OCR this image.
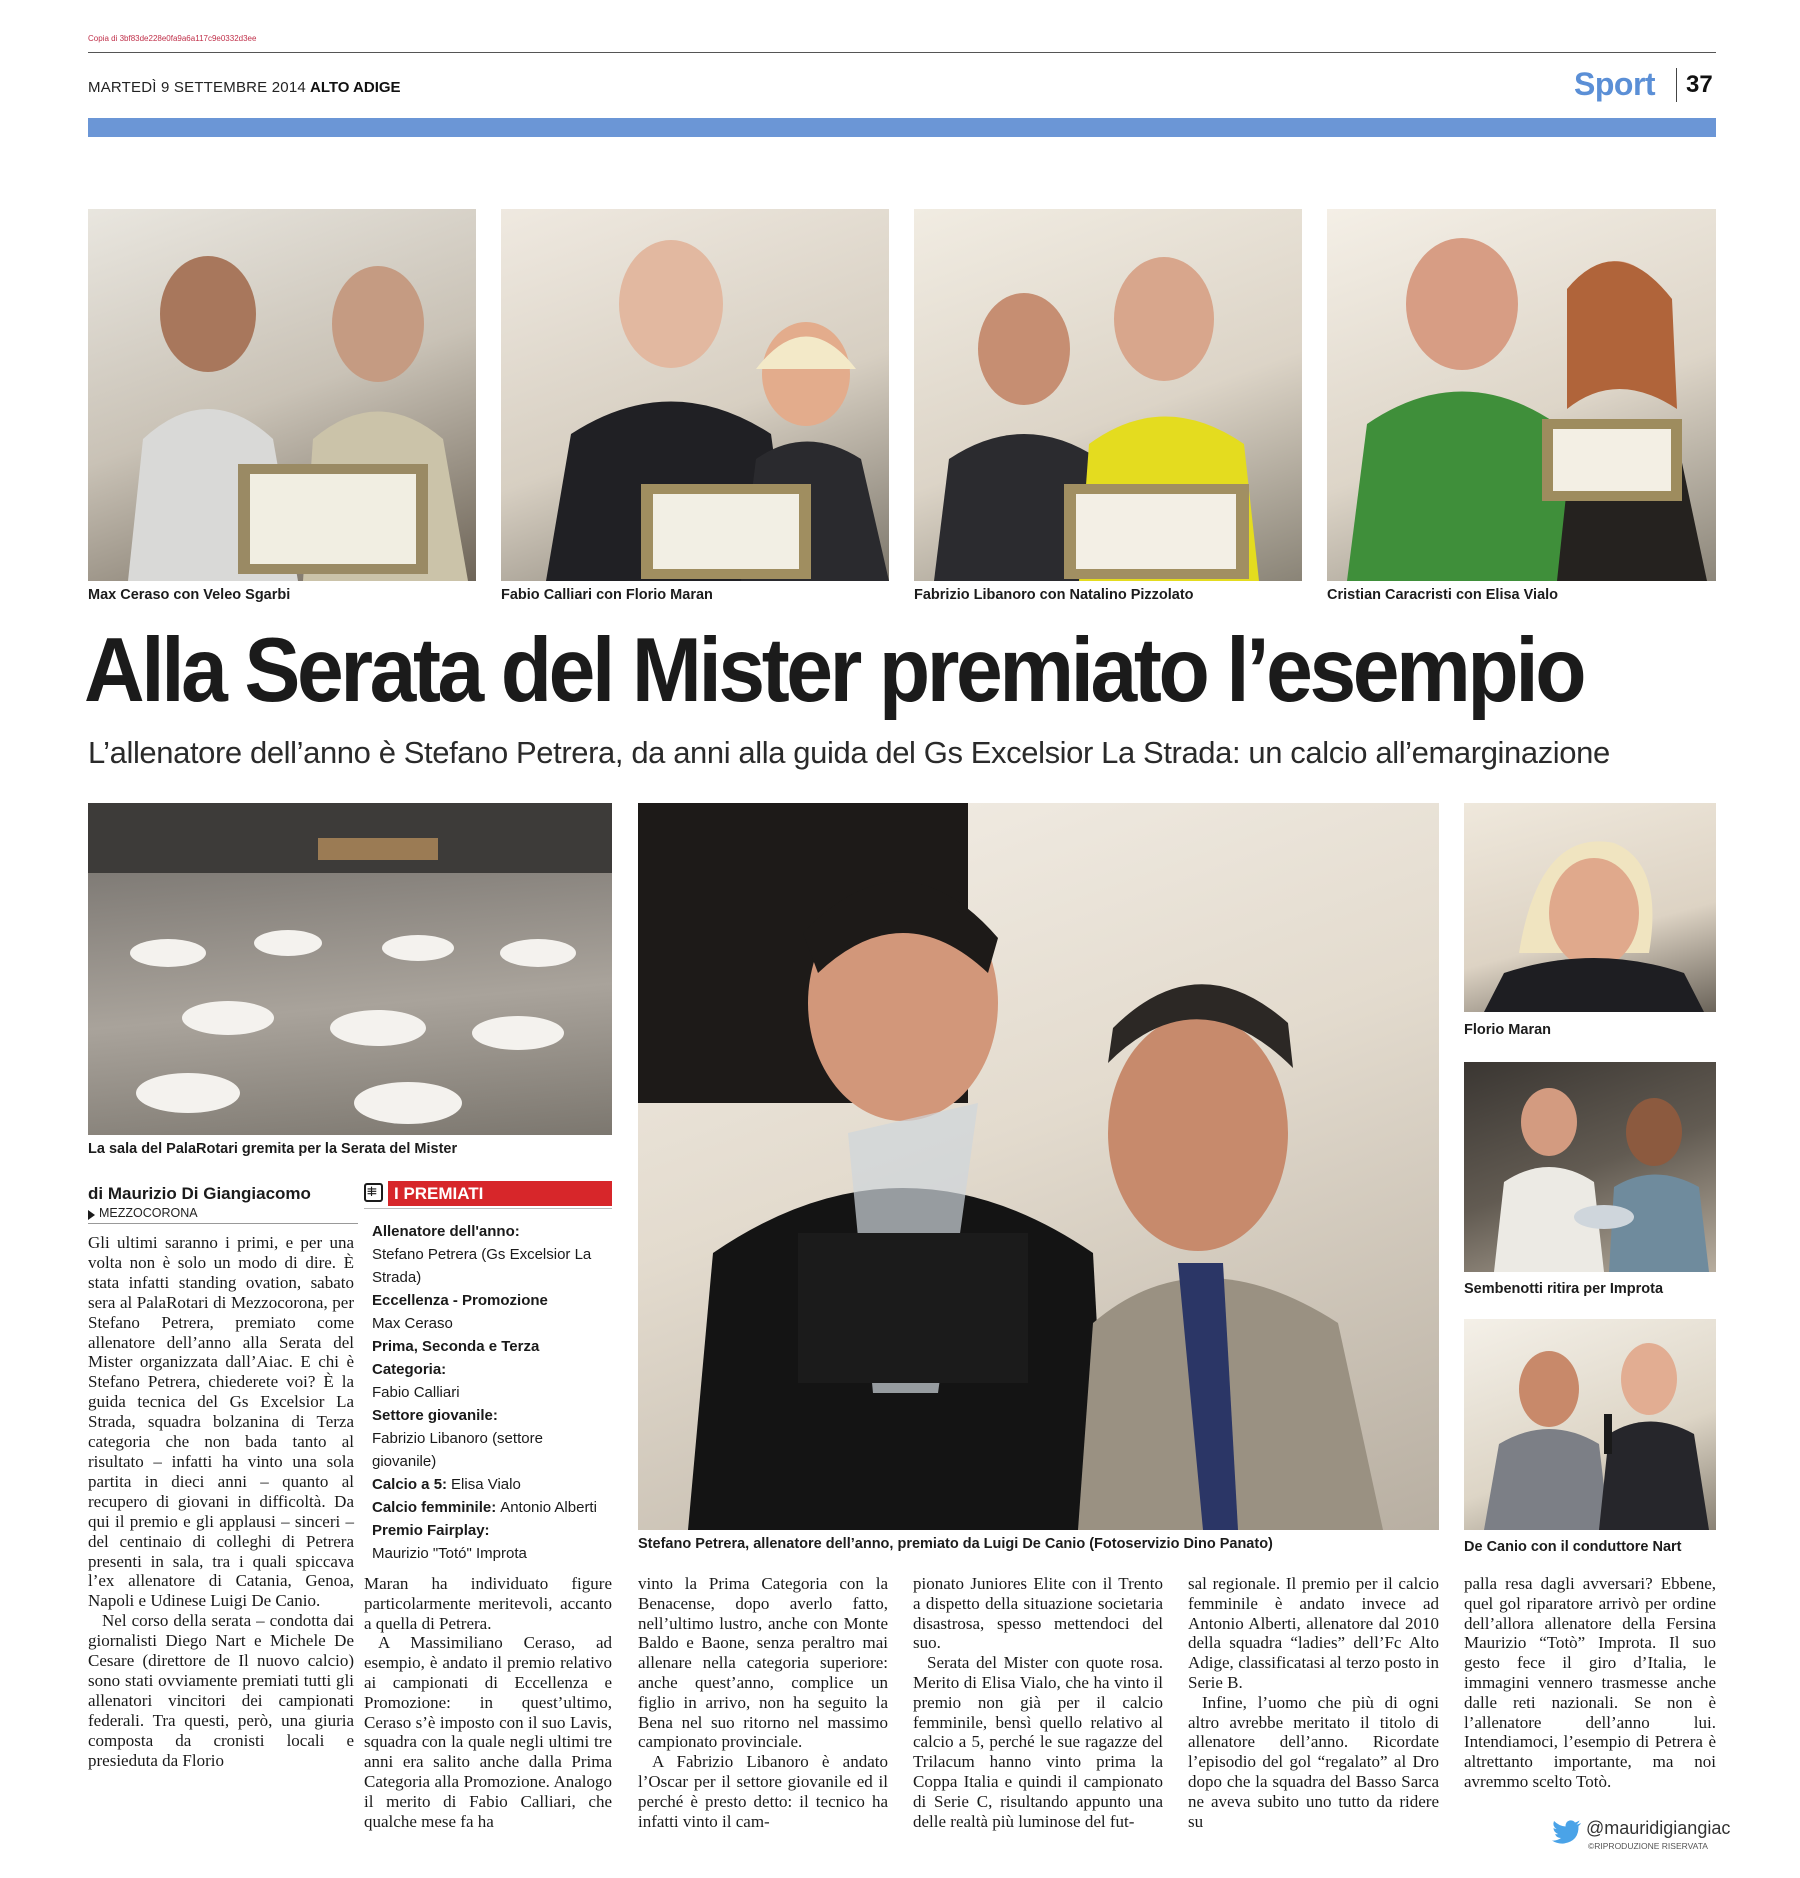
Copia di 3bf83de228e0fa9a6a117c9e0332d3ee
MARTEDÌ 9 SETTEMBRE 2014 ALTO ADIGE	Sport 37
Max Ceraso con Veleo Sgarbi	Fabio Calliari con Florio Maran	Fabrizio Libanoro con Natalino Pizzolato	Cristian Caracristi con Elisa Vialo
Alla Serata del Mister premiato l’esempio
L’allenatore dell’anno è Stefano Petrera, da anni alla guida del Gs Excelsior La Strada: un calcio all’emarginazione
La sala del PalaRotari gremita per la Serata del Mister
Stefano Petrera, allenatore dell’anno, premiato da Luigi De Canio (Fotoservizio Dino Panato)
Florio Maran
Sembenotti ritira per Improta
De Canio con il conduttore Nart
di Maurizio Di Giangiacomo
MEZZOCORONA
I PREMIATI
Allenatore dell'anno:
Stefano Petrera (Gs Excelsior La Strada)
Eccellenza - Promozione
Max Ceraso
Prima, Seconda e Terza Categoria:
Fabio Calliari
Settore giovanile:
Fabrizio Libanoro (settore giovanile)
Calcio a 5: Elisa Vialo
Calcio femminile: Antonio Alberti
Premio Fairplay:
Maurizio "Totó" Improta

Gli ultimi saranno i primi, e per una volta non è solo un modo di dire. È stata infatti standing ovation, sabato sera al PalaRotari di Mezzocorona, per Stefano Petrera, premiato come allenatore dell’anno alla Serata del Mister organizzata dall’Aiac. E chi è Stefano Petrera, chiederete voi? È la guida tecnica del Gs Excelsior La Strada, squadra bolzanina di Terza categoria che non bada tanto al risultato – infatti ha vinto una sola partita in dieci anni – quanto al recupero di giovani in difficoltà. Da qui il premio e gli applausi – sinceri – del centinaio di colleghi di Petrera presenti in sala, tra i quali spiccava l’ex allenatore di Catania, Genoa, Napoli e Udinese Luigi De Canio.

Nel corso della serata – condotta dai giornalisti Diego Nart e Michele De Cesare (direttore de Il nuovo calcio) sono stati ovviamente premiati tutti gli allenatori vincitori dei campionati federali. Tra questi, però, una giuria composta da cronisti locali e presieduta da Florio

Maran ha individuato figure particolarmente meritevoli, accanto a quella di Petrera.

A Massimiliano Ceraso, ad esempio, è andato il premio relativo ai campionati di Eccellenza e Promozione: in quest’ultimo, Ceraso s’è imposto con il suo Lavis, squadra con la quale negli ultimi tre anni era salito anche dalla Prima Categoria alla Promozione. Analogo il merito di Fabio Calliari, che qualche mese fa ha

vinto la Prima Categoria con la Benacense, dopo averlo fatto, nell’ultimo lustro, anche con Monte Baldo e Baone, senza peraltro mai allenare nella categoria superiore: anche quest’anno, complice un figlio in arrivo, non ha seguito la Bena nel suo ritorno nel massimo campionato provinciale.

A Fabrizio Libanoro è andato l’Oscar per il settore giovanile ed il perché è presto detto: il tecnico ha infatti vinto il cam-

pionato Juniores Elite con il Trento a dispetto della situazione societaria disastrosa, spesso mettendoci del suo.

Serata del Mister con quote rosa. Merito di Elisa Vialo, che ha vinto il premio non già per il calcio femminile, bensì quello relativo al calcio a 5, perché le sue ragazze del Trilacum hanno vinto prima la Coppa Italia e quindi il campionato di Serie C, risultando appunto una delle realtà più luminose del fut-

sal regionale. Il premio per il calcio femminile è andato invece ad Antonio Alberti, allenatore dal 2010 della squadra “ladies” dell’Fc Alto Adige, classificatasi al terzo posto in Serie B.

Infine, l’uomo che più di ogni altro avrebbe meritato il titolo di allenatore dell’anno. Ricordate l’episodio del gol “regalato” al Dro dopo che la squadra del Basso Sarca ne aveva subito uno tutto da ridere su

palla resa dagli avversari? Ebbene, quel gol riparatore arrivò per ordine dell’allora allenatore della Fersina Maurizio “Totò” Improta. Il suo gesto fece il giro d’Italia, le immagini vennero trasmesse anche dalle reti nazionali. Se non è l’allenatore dell’anno lui. Intendiamoci, l’esempio di Petrera è altrettanto importante, ma noi avremmo scelto Totò.

@mauridigiangiac
©RIPRODUZIONE RISERVATA
